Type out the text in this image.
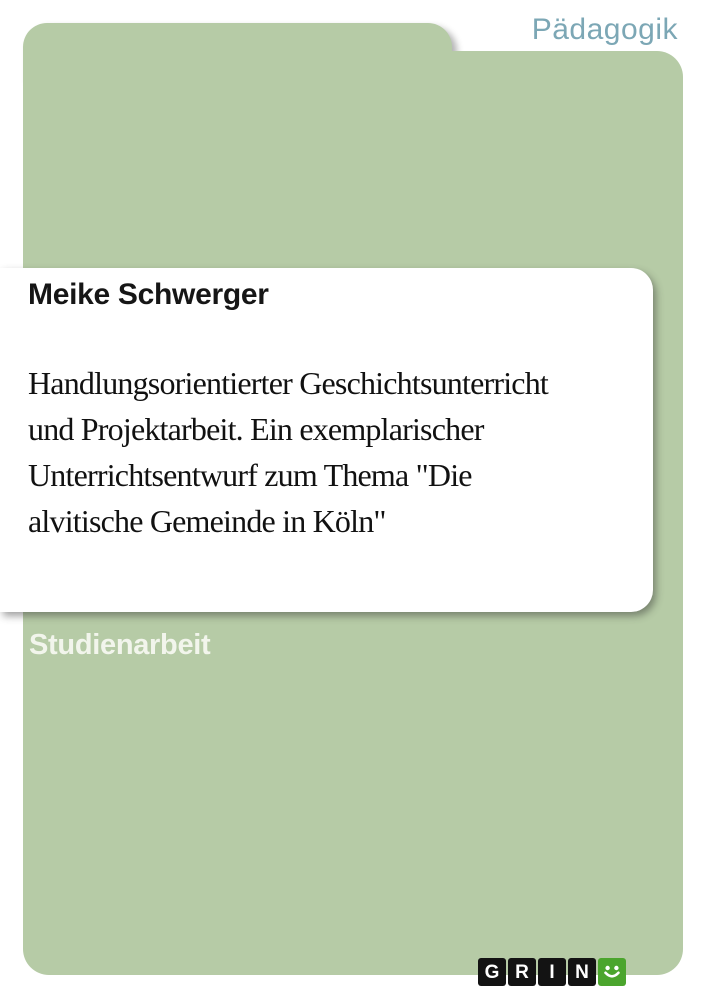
Pädagogik
Meike Schwerger
Handlungsorientierter Geschichtsunterricht
und Projektarbeit. Ein exemplarischer
Unterrichtsentwurf zum Thema "Die
alvitische Gemeinde in Köln"
Studienarbeit
G R	I	N
